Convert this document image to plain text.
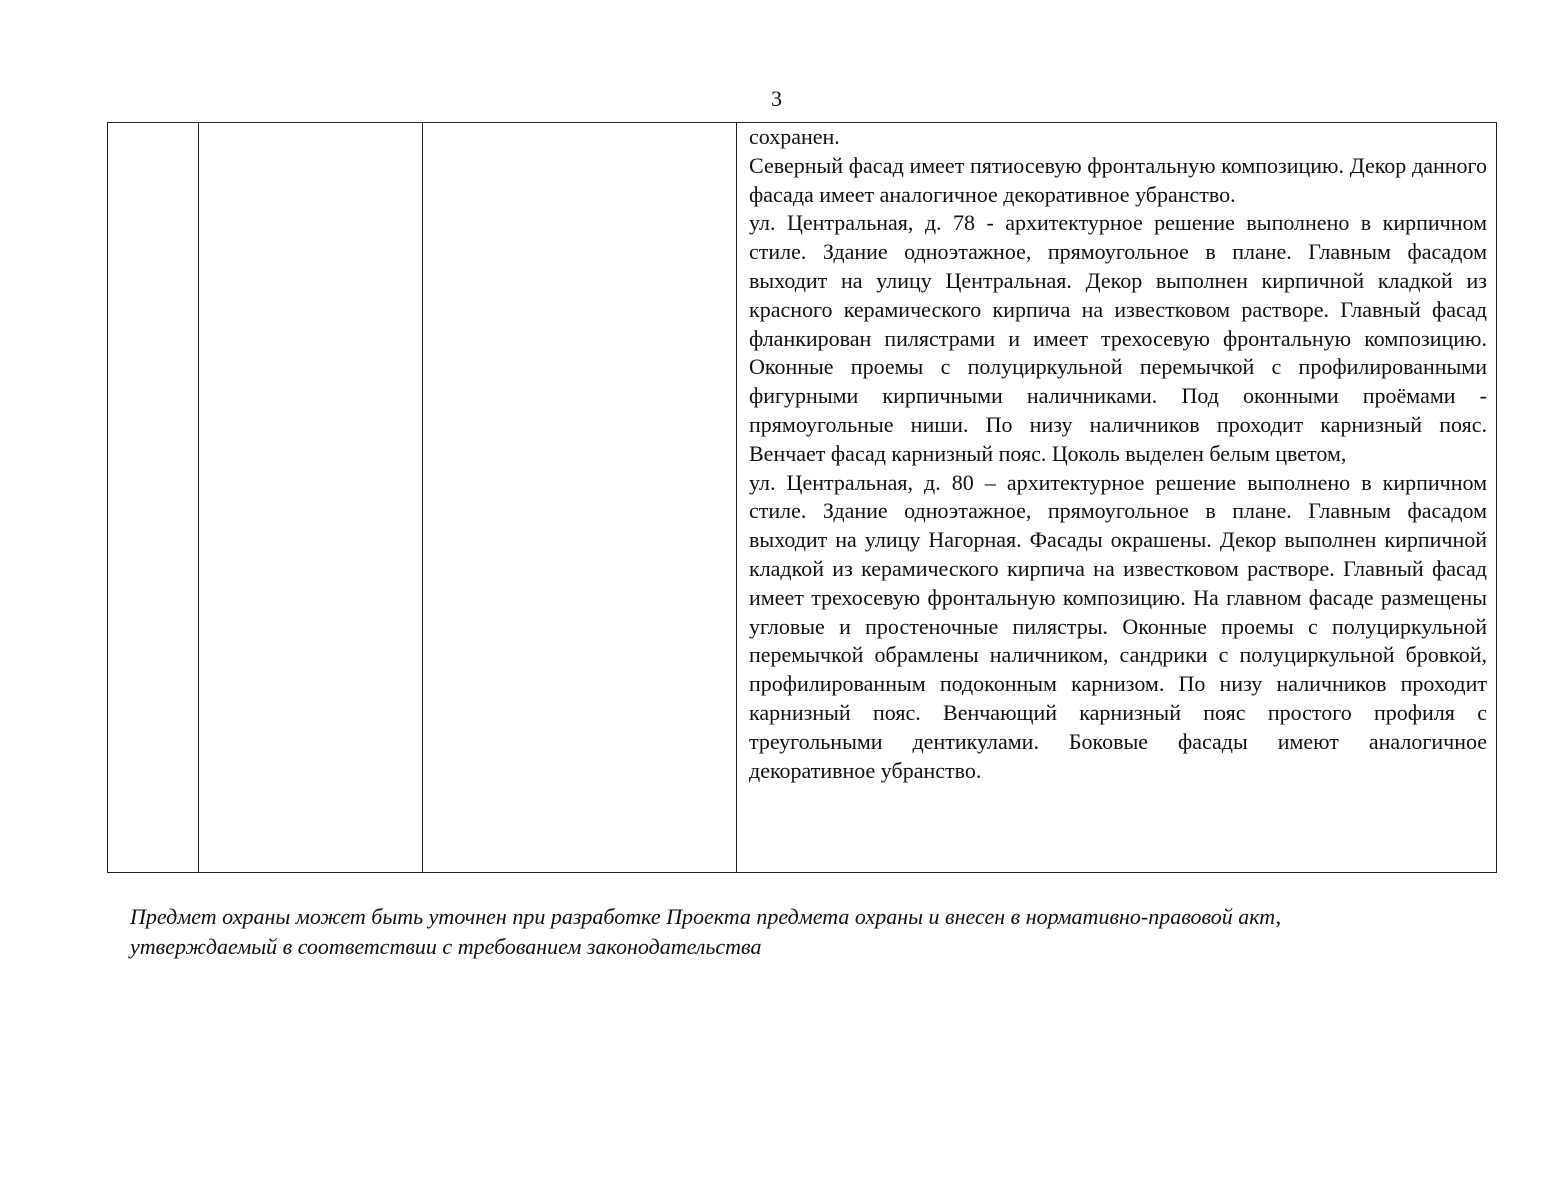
3

сохранен.

Северный фасад имеет пятиосевую фронтальную композицию. Декор данного фасада имеет аналогичное декоративное убранство.

ул. Центральная, д. 78 - архитектурное решение выполнено в кирпичном стиле. Здание одноэтажное, прямоугольное в плане. Главным фасадом выходит на улицу Центральная. Декор выполнен кирпичной кладкой из красного керамического кирпича на известковом растворе. Главный фасад фланкирован пилястрами и имеет трехосевую фронтальную композицию. Оконные проемы с полуциркульной перемычкой с профилированными фигурными кирпичными наличниками. Под оконными проёмами - прямоугольные ниши. По низу наличников проходит карнизный пояс. Венчает фасад карнизный пояс. Цоколь выделен белым цветом,

ул. Центральная, д. 80 – архитектурное решение выполнено в кирпичном стиле. Здание одноэтажное, прямоугольное в плане. Главным фасадом выходит на улицу Нагорная. Фасады окрашены. Декор выполнен кирпичной кладкой из керамического кирпича на известковом растворе. Главный фасад имеет трехосевую фронтальную композицию. На главном фасаде размещены угловые и простеночные пилястры. Оконные проемы с полуциркульной перемычкой обрамлены наличником, сандрики с полуциркульной бровкой, профилированным подоконным карнизом. По низу наличников проходит карнизный пояс. Венчающий карнизный пояс простого профиля с треугольными дентикулами. Боковые фасады имеют аналогичное декоративное убранство.

Предмет охраны может быть уточнен при разработке Проекта предмета охраны и внесен в нормативно-правовой акт, утверждаемый в соответствии с требованием законодательства
